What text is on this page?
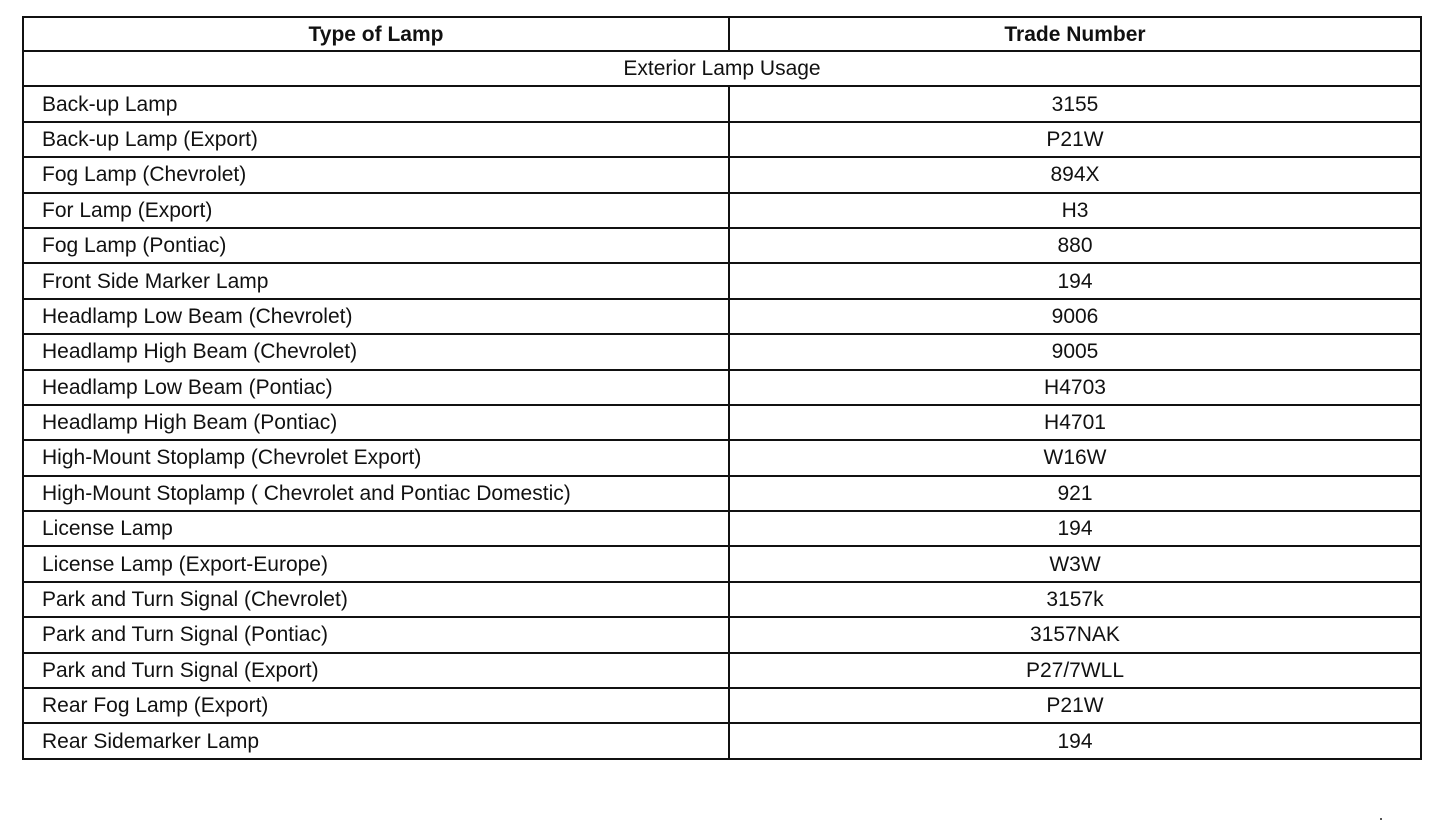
Type of Lamp	Trade Number
Exterior Lamp Usage	
Back-up Lamp	3155
Back-up Lamp (Export)	P21W
Fog Lamp (Chevrolet)	894X
For Lamp (Export)	H3
Fog Lamp (Pontiac)	880
Front Side Marker Lamp	194
Headlamp Low Beam (Chevrolet)	9006
Headlamp High Beam (Chevrolet)	9005
Headlamp Low Beam (Pontiac)	H4703
Headlamp High Beam (Pontiac)	H4701
High-Mount Stoplamp (Chevrolet Export)	W16W
High-Mount Stoplamp ( Chevrolet and Pontiac Domestic)	921
License Lamp	194
License Lamp (Export-Europe)	W3W
Park and Turn Signal (Chevrolet)	3157k
Park and Turn Signal (Pontiac)	3157NAK
Park and Turn Signal (Export)	P27/7WLL
Rear Fog Lamp (Export)	P21W
Rear Sidemarker Lamp	194
